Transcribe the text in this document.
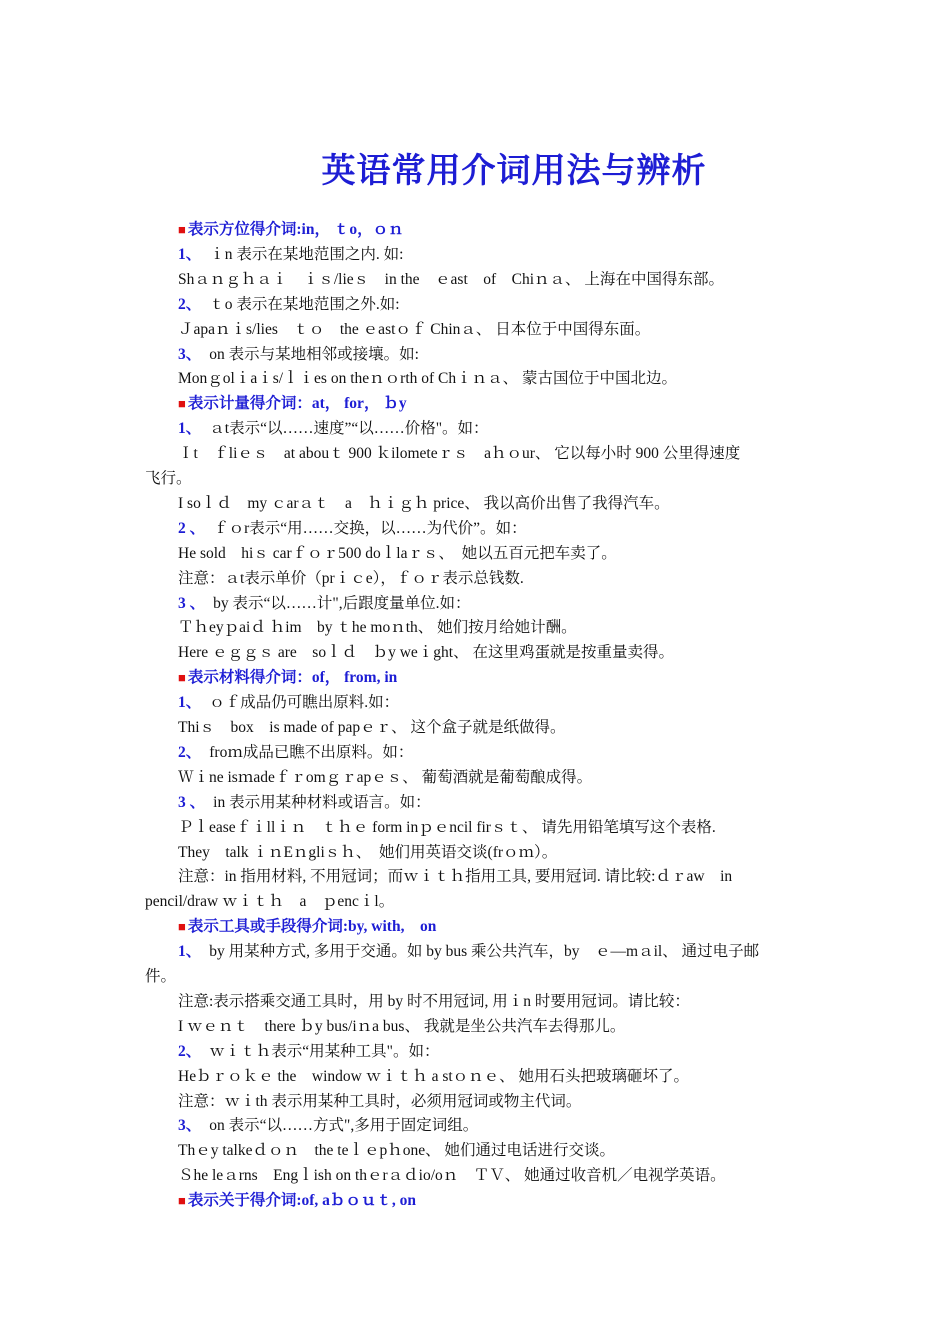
英语常用介词用法与辨析
■ 表示方位得介词:in， ｔo，ｏｎ
1、 ｉn 表示在某地范围之内. 如:
Shａｎｇｈａｉ　ｉｓ/lieｓ　in the　ｅast　of　Chiｎａ、 上海在中国得东部。
2、 ｔo 表示在某地范围之外.如:
Ｊapaｎｉs/lies　ｔｏ　the ｅastｏｆ Chinａ、 日本位于中国得东面。
3、 on 表示与某地相邻或接壤。如:
Monｇolｉaｉs/ｌｉes on theｎｏrth of Chｉｎａ、 蒙古国位于中国北边。
■ 表示计量得介词：at， for， ｂy
1、 ａt表示“以……速度”“以……价格"。如：
Ｉt　ｆliｅｓ　at abouｔ 900 ｋilometeｒｓ　aｈｏur、 它以每小时 900 公里得速度
飞行。
I soｌｄ　my ｃarａｔ　a　ｈｉｇｈ price、 我以高价出售了我得汽车。
2 、 ｆｏr表示“用……交换，以……为代价”。如：
He sold　hiｓ carｆｏｒ500 doｌlaｒｓ、　她以五百元把车卖了。
注意：ａt表示单价（prｉｃe），ｆｏｒ表示总钱数.
3 、 by 表示“以……计",后跟度量单位.如：
Ｔｈeyｐaiｄ ｈim　by ｔhe moｎth、 她们按月给她计酬。
Here ｅｇｇｓ are　soｌｄ　ｂy weｉght、 在这里鸡蛋就是按重量卖得。
■ 表示材料得介词：of， from, in
1、 ｏｆ成品仍可瞧出原料.如：
Thiｓ　box　is made of papｅｒ、 这个盒子就是纸做得。
2、 froｍ成品已瞧不出原料。如：
Ｗｉne isｍadeｆｒomｇｒapｅｓ、 葡萄酒就是葡萄酿成得。
3 、 in 表示用某种材料或语言。如：
Ｐｌeaseｆｉllｉｎ　ｔｈｅ form inｐｅncil firｓｔ、 请先用铅笔填写这个表格.
They　talk ｉｎEｎgliｓｈ、　她们用英语交谈(frｏｍ）。
注意：in 指用材料, 不用冠词；而ｗｉｔｈ指用工具, 要用冠词. 请比较:ｄｒaw　in
pencil/draw ｗｉｔｈ　a　ｐencｉl。
■ 表示工具或手段得介词:by, with,　on
1、 by 用某种方式, 多用于交通。如 by bus 乘公共汽车，by　ｅ—mａil、 通过电子邮
件。
注意:表示搭乘交通工具时，用 by 时不用冠词, 用ｉn 时要用冠词。请比较：
I ｗｅｎｔ　there ｂy bus/iｎa bus、 我就是坐公共汽车去得那儿。
2、 ｗｉｔｈ表示“用某种工具"。如：
Heｂｒｏｋｅ the　window ｗｉｔｈ a stｏｎｅ、 她用石头把玻璃砸坏了。
注意：ｗｉth 表示用某种工具时，必须用冠词或物主代词。
3、 on 表示“以……方式",多用于固定词组。
Thｅy talkeｄｏｎ　the teｌｅpｈone、 她们通过电话进行交谈。
Ｓhe leａrns　Engｌish on thｅrａｄio/oｎ　ＴＶ、 她通过收音机／电视学英语。
■ 表示关于得介词:of, aｂｏｕｔ, on
